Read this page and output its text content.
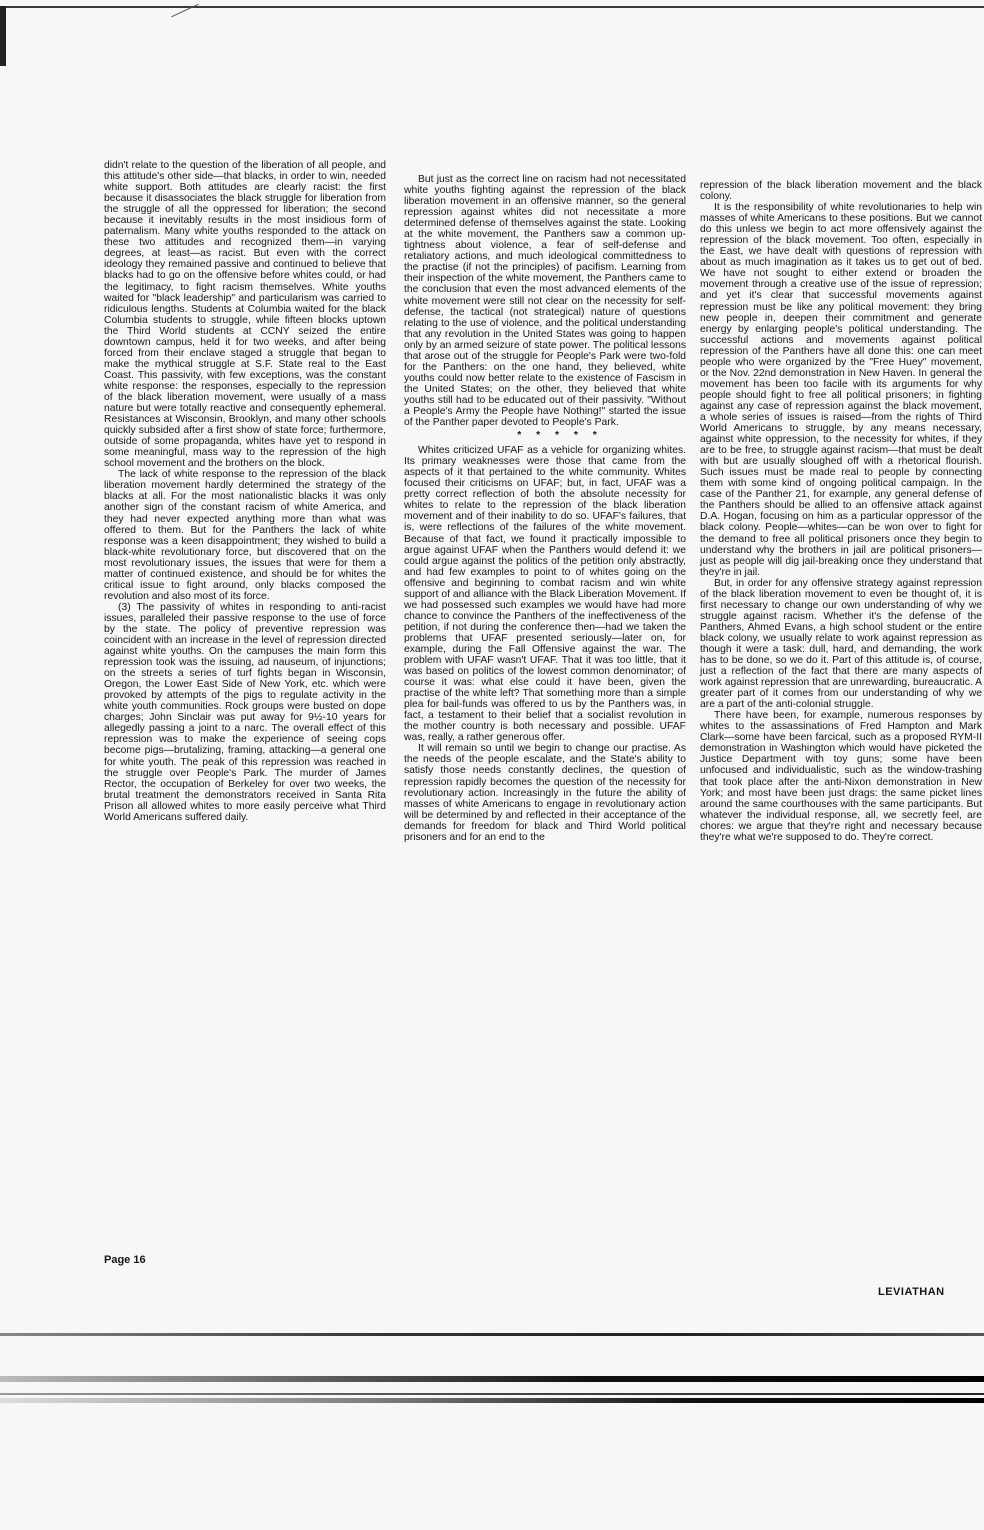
didn't relate to the question of the liberation of all people, and this attitude's other side—that blacks, in order to win, needed white support. Both attitudes are clearly racist: the first because it disassociates the black struggle for liberation from the struggle of all the oppressed for liberation; the second because it inevitably results in the most insidious form of paternalism. Many white youths responded to the attack on these two attitudes and recognized them—in varying degrees, at least—as racist. But even with the correct ideology they remained passive and continued to believe that blacks had to go on the offensive before whites could, or had the legitimacy, to fight racism themselves. White youths waited for "black leadership" and particularism was carried to ridiculous lengths. Students at Columbia waited for the black Columbia students to struggle, while fifteen blocks uptown the Third World students at CCNY seized the entire downtown campus, held it for two weeks, and after being forced from their enclave staged a struggle that began to make the mythical struggle at S.F. State real to the East Coast. This passivity, with few exceptions, was the constant white response: the responses, especially to the repression of the black liberation movement, were usually of a mass nature but were totally reactive and consequently ephemeral. Resistances at Wisconsin, Brooklyn, and many other schools quickly subsided after a first show of state force; furthermore, outside of some propaganda, whites have yet to respond in some meaningful, mass way to the repression of the high school movement and the brothers on the block.

The lack of white response to the repression of the black liberation movement hardly determined the strategy of the blacks at all. For the most nationalistic blacks it was only another sign of the constant racism of white America, and they had never expected anything more than what was offered to them. But for the Panthers the lack of white response was a keen disappointment; they wished to build a black-white revolutionary force, but discovered that on the most revolutionary issues, the issues that were for them a matter of continued existence, and should be for whites the critical issue to fight around, only blacks composed the revolution and also most of its force.

(3) The passivity of whites in responding to anti-racist issues, paralleled their passive response to the use of force by the state. The policy of preventive repression was coincident with an increase in the level of repression directed against white youths. On the campuses the main form this repression took was the issuing, ad nauseum, of injunctions; on the streets a series of turf fights began in Wisconsin, Oregon, the Lower East Side of New York, etc. which were provoked by attempts of the pigs to regulate activity in the white youth communities. Rock groups were busted on dope charges; John Sinclair was put away for 9½-10 years for allegedly passing a joint to a narc. The overall effect of this repression was to make the experience of seeing cops become pigs—brutalizing, framing, attacking—a general one for white youth. The peak of this repression was reached in the struggle over People's Park. The murder of James Rector, the occupation of Berkeley for over two weeks, the brutal treatment the demonstrators received in Santa Rita Prison all allowed whites to more easily perceive what Third World Americans suffered daily.

But just as the correct line on racism had not necessitated white youths fighting against the repression of the black liberation movement in an offensive manner, so the general repression against whites did not necessitate a more determined defense of themselves against the state. Looking at the white movement, the Panthers saw a common up-tightness about violence, a fear of self-defense and retaliatory actions, and much ideological committedness to the practise (if not the principles) of pacifism. Learning from their inspection of the white movement, the Panthers came to the conclusion that even the most advanced elements of the white movement were still not clear on the necessity for self-defense, the tactical (not strategical) nature of questions relating to the use of violence, and the political understanding that any revolution in the United States was going to happen only by an armed seizure of state power. The political lessons that arose out of the struggle for People's Park were two-fold for the Panthers: on the one hand, they believed, white youths could now better relate to the existence of Fascism in the United States; on the other, they believed that white youths still had to be educated out of their passivity. "Without a People's Army the People have Nothing!" started the issue of the Panther paper devoted to People's Park.

* * * * *

Whites criticized UFAF as a vehicle for organizing whites. Its primary weaknesses were those that came from the aspects of it that pertained to the white community. Whites focused their criticisms on UFAF; but, in fact, UFAF was a pretty correct reflection of both the absolute necessity for whites to relate to the repression of the black liberation movement and of their inability to do so. UFAF's failures, that is, were reflections of the failures of the white movement. Because of that fact, we found it practically impossible to argue against UFAF when the Panthers would defend it: we could argue against the politics of the petition only abstractly, and had few examples to point to of whites going on the offensive and beginning to combat racism and win white support of and alliance with the Black Liberation Movement. If we had possessed such examples we would have had more chance to convince the Panthers of the ineffectiveness of the petition, if not during the conference then—had we taken the problems that UFAF presented seriously—later on, for example, during the Fall Offensive against the war. The problem with UFAF wasn't UFAF. That it was too little, that it was based on politics of the lowest common denominator; of course it was: what else could it have been, given the practise of the white left? That something more than a simple plea for bail-funds was offered to us by the Panthers was, in fact, a testament to their belief that a socialist revolution in the mother country is both necessary and possible. UFAF was, really, a rather generous offer.

It will remain so until we begin to change our practise. As the needs of the people escalate, and the State's ability to satisfy those needs constantly declines, the question of repression rapidly becomes the question of the necessity for revolutionary action. Increasingly in the future the ability of masses of white Americans to engage in revolutionary action will be determined by and reflected in their acceptance of the demands for freedom for black and Third World political prisoners and for an end to the

repression of the black liberation movement and the black colony.

It is the responsibility of white revolutionaries to help win masses of white Americans to these positions. But we cannot do this unless we begin to act more offensively against the repression of the black movement. Too often, especially in the East, we have dealt with questions of repression with about as much imagination as it takes us to get out of bed. We have not sought to either extend or broaden the movement through a creative use of the issue of repression; and yet it's clear that successful movements against repression must be like any political movement: they bring new people in, deepen their commitment and generate energy by enlarging people's political understanding. The successful actions and movements against political repression of the Panthers have all done this: one can meet people who were organized by the "Free Huey" movement, or the Nov. 22nd demonstration in New Haven. In general the movement has been too facile with its arguments for why people should fight to free all political prisoners; in fighting against any case of repression against the black movement, a whole series of issues is raised—from the rights of Third World Americans to struggle, by any means necessary, against white oppression, to the necessity for whites, if they are to be free, to struggle against racism—that must be dealt with but are usually sloughed off with a rhetorical flourish. Such issues must be made real to people by connecting them with some kind of ongoing political campaign. In the case of the Panther 21, for example, any general defense of the Panthers should be allied to an offensive attack against D.A. Hogan, focusing on him as a particular oppressor of the black colony. People—whites—can be won over to fight for the demand to free all political prisoners once they begin to understand why the brothers in jail are political prisoners—just as people will dig jail-breaking once they understand that they're in jail.

But, in order for any offensive strategy against repression of the black liberation movement to even be thought of, it is first necessary to change our own understanding of why we struggle against racism. Whether it's the defense of the Panthers, Ahmed Evans, a high school student or the entire black colony, we usually relate to work against repression as though it were a task: dull, hard, and demanding, the work has to be done, so we do it. Part of this attitude is, of course, just a reflection of the fact that there are many aspects of work against repression that are unrewarding, bureaucratic. A greater part of it comes from our understanding of why we are a part of the anti-colonial struggle.

There have been, for example, numerous responses by whites to the assassinations of Fred Hampton and Mark Clark—some have been farcical, such as a proposed RYM-II demonstration in Washington which would have picketed the Justice Department with toy guns; some have been unfocused and individualistic, such as the window-trashing that took place after the anti-Nixon demonstration in New York; and most have been just drags: the same picket lines around the same courthouses with the same participants. But whatever the individual response, all, we secretly feel, are chores: we argue that they're right and necessary because they're what we're supposed to do. They're correct.

Page 16
LEVIATHAN
